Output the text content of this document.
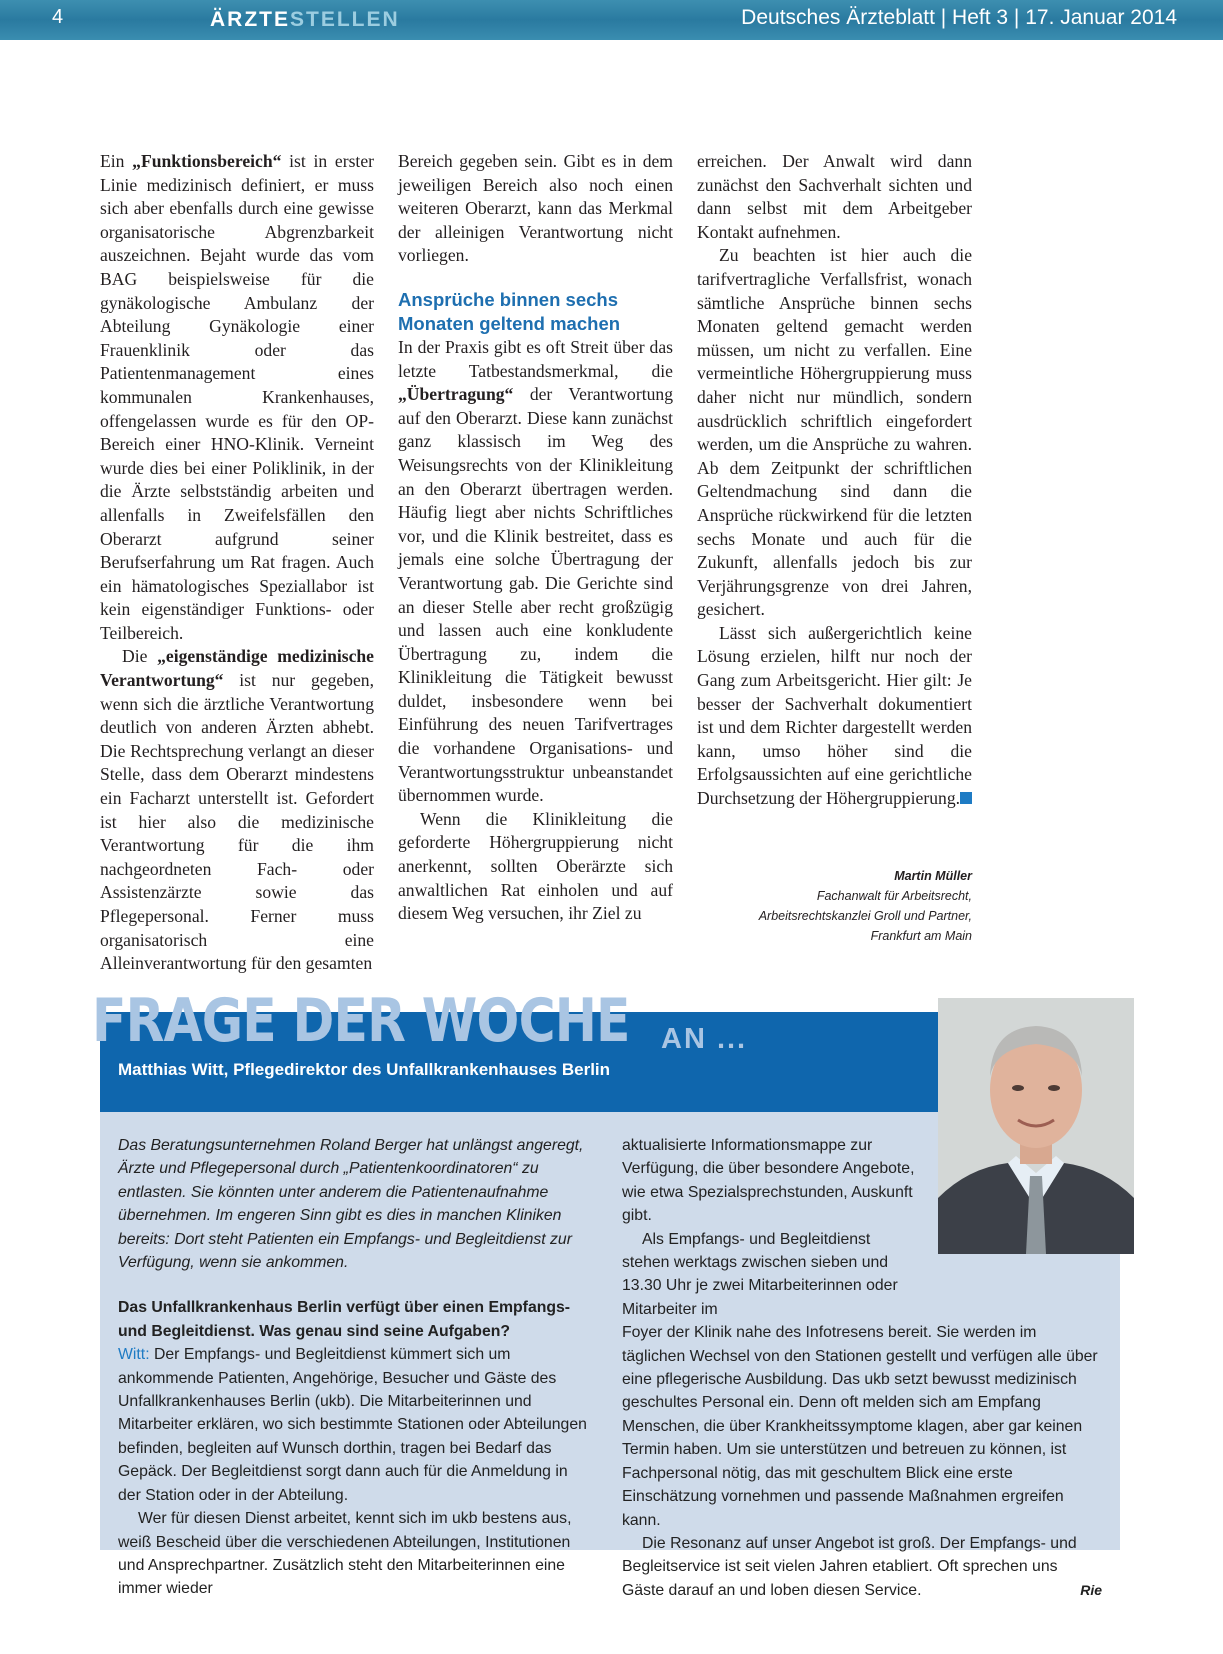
4	ÄRZTESTELLEN	Deutsches Ärzteblatt | Heft 3 | 17. Januar 2014

Ein „Funktionsbereich“ ist in erster Linie medizinisch definiert, er muss sich aber ebenfalls durch eine gewisse organisatorische Abgrenzbarkeit auszeichnen. Bejaht wurde das vom BAG beispielsweise für die gynäkologische Ambulanz der Abteilung Gynäkologie einer Frauenklinik oder das Patientenmanagement eines kommunalen Krankenhauses, offengelassen wurde es für den OP-Bereich einer HNO-Klinik. Verneint wurde dies bei einer Poliklinik, in der die Ärzte selbstständig arbeiten und allenfalls in Zweifelsfällen den Oberarzt aufgrund seiner Berufserfahrung um Rat fragen. Auch ein hämatologisches Speziallabor ist kein eigenständiger Funktions- oder Teilbereich.

Die „eigenständige medizinische Verantwortung“ ist nur gegeben, wenn sich die ärztliche Verantwortung deutlich von anderen Ärzten abhebt. Die Rechtsprechung verlangt an dieser Stelle, dass dem Oberarzt mindestens ein Facharzt unterstellt ist. Gefordert ist hier also die medizinische Verantwortung für die ihm nachgeordneten Fach- oder Assistenzärzte sowie das Pflegepersonal. Ferner muss organisatorisch eine Alleinverantwortung für den gesamten

Bereich gegeben sein. Gibt es in dem jeweiligen Bereich also noch einen weiteren Oberarzt, kann das Merkmal der alleinigen Verantwortung nicht vorliegen.

Ansprüche binnen sechs Monaten geltend machen

In der Praxis gibt es oft Streit über das letzte Tatbestandsmerkmal, die „Übertragung“ der Verantwortung auf den Oberarzt. Diese kann zunächst ganz klassisch im Weg des Weisungsrechts von der Klinikleitung an den Oberarzt übertragen werden. Häufig liegt aber nichts Schriftliches vor, und die Klinik bestreitet, dass es jemals eine solche Übertragung der Verantwortung gab. Die Gerichte sind an dieser Stelle aber recht großzügig und lassen auch eine konkludente Übertragung zu, indem die Klinikleitung die Tätigkeit bewusst duldet, insbesondere wenn bei Einführung des neuen Tarifvertrages die vorhandene Organisations- und Verantwortungsstruktur unbeanstandet übernommen wurde.

Wenn die Klinikleitung die geforderte Höhergruppierung nicht anerkennt, sollten Oberärzte sich anwaltlichen Rat einholen und auf diesem Weg versuchen, ihr Ziel zu

erreichen. Der Anwalt wird dann zunächst den Sachverhalt sichten und dann selbst mit dem Arbeitgeber Kontakt aufnehmen.

Zu beachten ist hier auch die tarifvertragliche Verfallsfrist, wonach sämtliche Ansprüche binnen sechs Monaten geltend gemacht werden müssen, um nicht zu verfallen. Eine vermeintliche Höhergruppierung muss daher nicht nur mündlich, sondern ausdrücklich schriftlich eingefordert werden, um die Ansprüche zu wahren. Ab dem Zeitpunkt der schriftlichen Geltendmachung sind dann die Ansprüche rückwirkend für die letzten sechs Monate und auch für die Zukunft, allenfalls jedoch bis zur Verjährungsgrenze von drei Jahren, gesichert.

Lässt sich außergerichtlich keine Lösung erzielen, hilft nur noch der Gang zum Arbeitsgericht. Hier gilt: Je besser der Sachverhalt dokumentiert ist und dem Richter dargestellt werden kann, umso höher sind die Erfolgsaussichten auf eine gerichtliche Durchsetzung der Höhergruppierung.

Martin Müller
Fachanwalt für Arbeitsrecht,
Arbeitsrechtskanzlei Groll und Partner,
Frankfurt am Main
FRAGE DER WOCHE AN ...
Matthias Witt, Pflegedirektor des Unfallkrankenhauses Berlin

Das Beratungsunternehmen Roland Berger hat unlängst angeregt, Ärzte und Pflegepersonal durch „Patientenkoordinatoren“ zu entlasten. Sie könnten unter anderem die Patientenaufnahme übernehmen. Im engeren Sinn gibt es dies in manchen Kliniken bereits: Dort steht Patienten ein Empfangs- und Begleitdienst zur Verfügung, wenn sie ankommen.

Das Unfallkrankenhaus Berlin verfügt über einen Empfangs- und Begleitdienst. Was genau sind seine Aufgaben?

Witt: Der Empfangs- und Begleitdienst kümmert sich um ankommende Patienten, Angehörige, Besucher und Gäste des Unfallkrankenhauses Berlin (ukb). Die Mitarbeiterinnen und Mitarbeiter erklären, wo sich bestimmte Stationen oder Abteilungen befinden, begleiten auf Wunsch dorthin, tragen bei Bedarf das Gepäck. Der Begleitdienst sorgt dann auch für die Anmeldung in der Station oder in der Abteilung.

Wer für diesen Dienst arbeitet, kennt sich im ukb bestens aus, weiß Bescheid über die verschiedenen Abteilungen, Institutionen und Ansprechpartner. Zusätzlich steht den Mitarbeiterinnen eine immer wieder

aktualisierte Informationsmappe zur Verfügung, die über besondere Angebote, wie etwa Spezialsprechstunden, Auskunft gibt.

Als Empfangs- und Begleitdienst stehen werktags zwischen sieben und 13.30 Uhr je zwei Mitarbeiterinnen oder Mitarbeiter im

Foyer der Klinik nahe des Infotresens bereit. Sie werden im täglichen Wechsel von den Stationen gestellt und verfügen alle über eine pflegerische Ausbildung. Das ukb setzt bewusst medizinisch geschultes Personal ein. Denn oft melden sich am Empfang Menschen, die über Krankheitssymptome klagen, aber gar keinen Termin haben. Um sie unterstützen und betreuen zu können, ist Fachpersonal nötig, das mit geschultem Blick eine erste Einschätzung vornehmen und passende Maßnahmen ergreifen kann.

Die Resonanz auf unser Angebot ist groß. Der Empfangs- und Begleitservice ist seit vielen Jahren etabliert. Oft sprechen uns Gäste darauf an und loben diesen Service.	Rie
